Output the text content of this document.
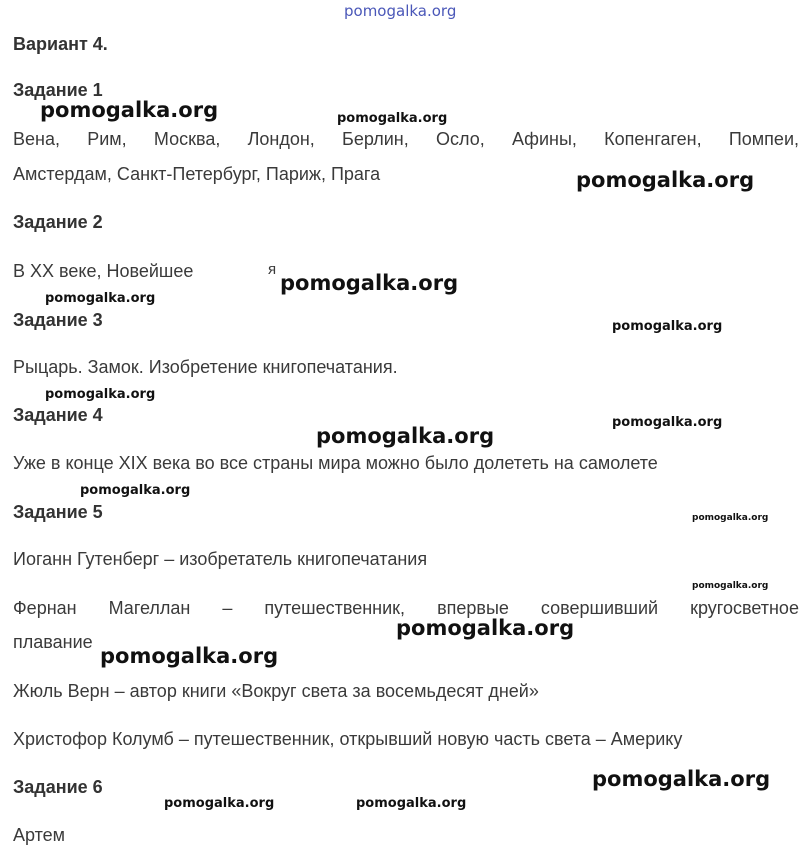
pomogalka.org
Вариант 4.
Задание 1
Вена, Рим, Москва, Лондон, Берлин, Осло, Афины, Копенгаген, Помпеи,
Амстердам, Санкт-Петербург, Париж, Прага
Задание 2
В XX веке, Новейшее	я
Задание 3
Рыцарь. Замок. Изобретение книгопечатания.
Задание 4
Уже в конце XIX века во все страны мира можно было долететь на самолете
Задание 5
Иоганн Гутенберг – изобретатель книгопечатания
Фернан Магеллан – путешественник, впервые совершивший кругосветное
плавание
Жюль Верн – автор книги «Вокруг света за восемьдесят дней»
Христофор Колумб – путешественник, открывший новую часть света – Америку
Задание 6
Артем
pomogalka.org	pomogalka.org
pomogalka.org
pomogalka.org
pomogalka.org
pomogalka.org
pomogalka.org
pomogalka.org
pomogalka.org
pomogalka.org
pomogalka.org
pomogalka.org
pomogalka.org
pomogalka.org
pomogalka.org
pomogalka.org	pomogalka.org
